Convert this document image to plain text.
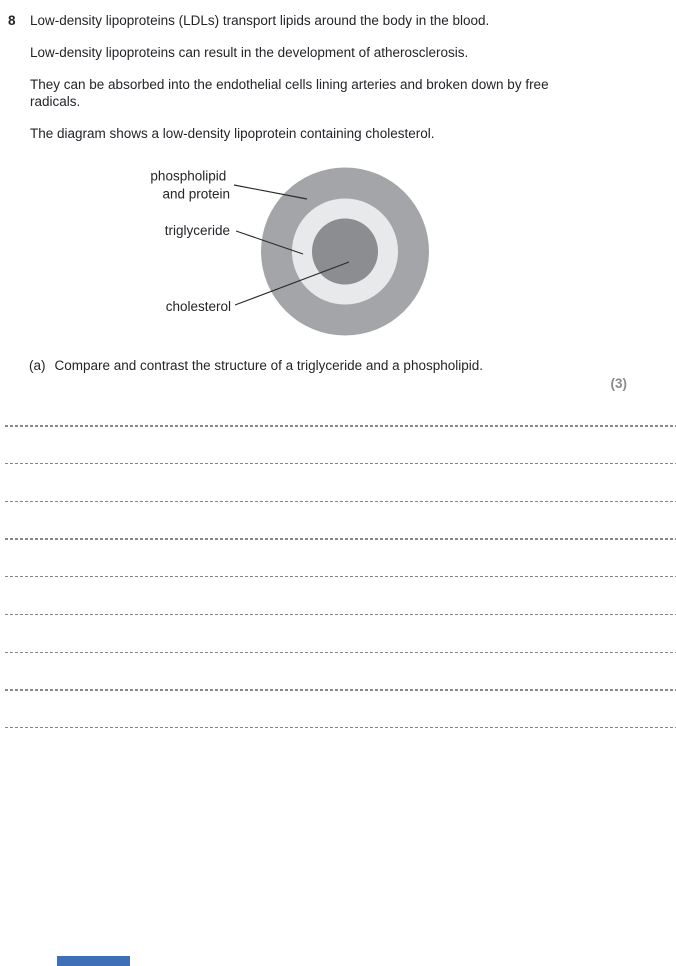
8 Low-density lipoproteins (LDLs) transport lipids around the body in the blood.

Low-density lipoproteins can result in the development of atherosclerosis.

They can be absorbed into the endothelial cells lining arteries and broken down by free radicals.

The diagram shows a low-density lipoprotein containing cholesterol.

phospholipid and protein
triglyceride
cholesterol
(a) Compare and contrast the structure of a triglyceride and a phospholipid.
(3)
